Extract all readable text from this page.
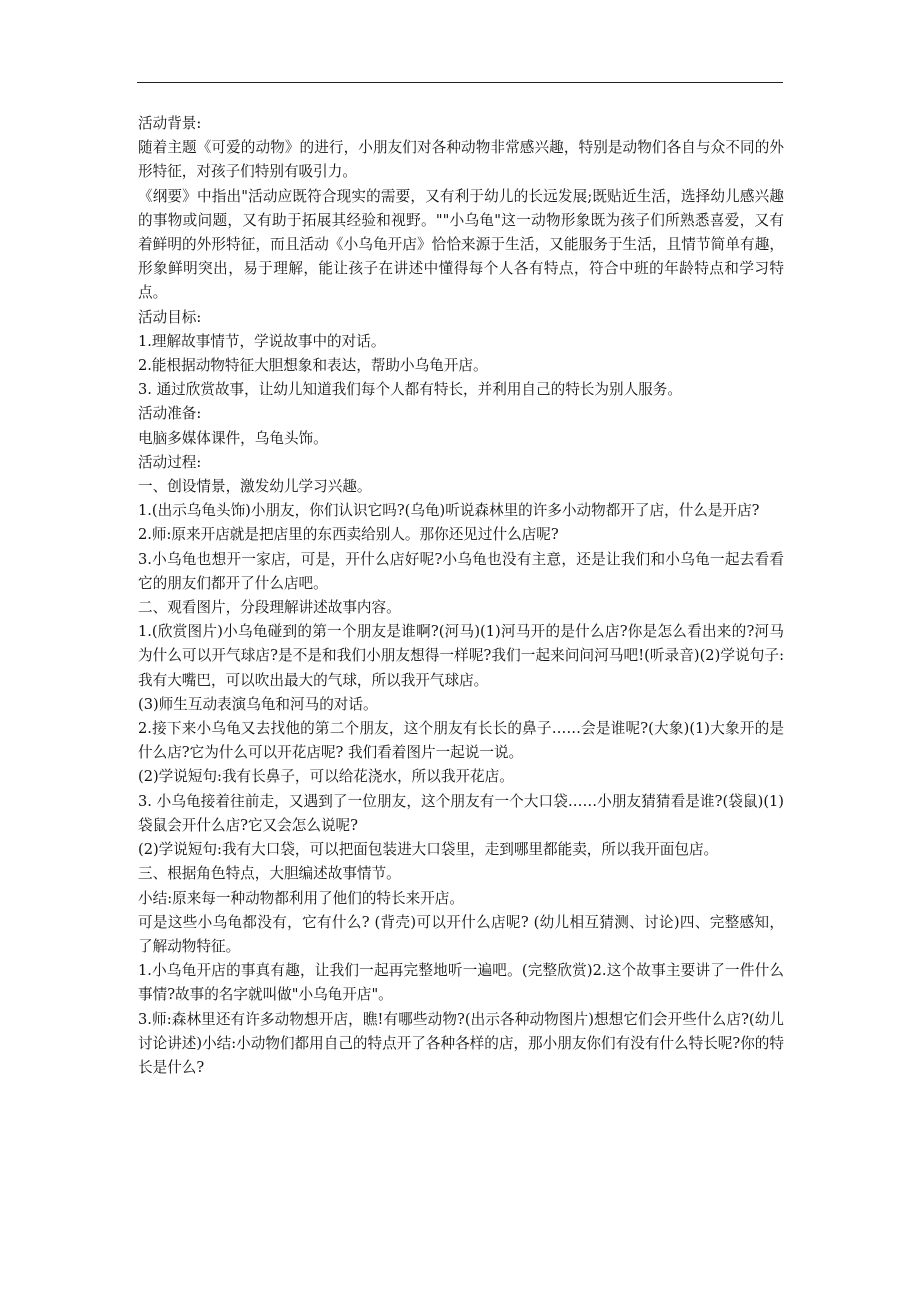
活动背景:

随着主题《可爱的动物》的进行，小朋友们对各种动物非常感兴趣，特别是动物们各自与众不同的外形特征，对孩子们特别有吸引力。

《纲要》中指出"活动应既符合现实的需要，又有利于幼儿的长远发展;既贴近生活，选择幼儿感兴趣的事物或问题，又有助于拓展其经验和视野。""小乌龟"这一动物形象既为孩子们所熟悉喜爱，又有着鲜明的外形特征，而且活动《小乌龟开店》恰恰来源于生活，又能服务于生活，且情节简单有趣，形象鲜明突出，易于理解，能让孩子在讲述中懂得每个人各有特点，符合中班的年龄特点和学习特点。

活动目标:

1.理解故事情节，学说故事中的对话。

2.能根据动物特征大胆想象和表达，帮助小乌龟开店。

3. 通过欣赏故事，让幼儿知道我们每个人都有特长，并利用自己的特长为别人服务。

活动准备:

电脑多媒体课件，乌龟头饰。

活动过程:

一、创设情景，激发幼儿学习兴趣。

1.(出示乌龟头饰)小朋友，你们认识它吗?(乌龟)听说森林里的许多小动物都开了店，什么是开店?

2.师:原来开店就是把店里的东西卖给别人。那你还见过什么店呢?

3.小乌龟也想开一家店，可是，开什么店好呢?小乌龟也没有主意，还是让我们和小乌龟一起去看看它的朋友们都开了什么店吧。

二、观看图片，分段理解讲述故事内容。

1.(欣赏图片)小乌龟碰到的第一个朋友是谁啊?(河马)(1)河马开的是什么店?你是怎么看出来的?河马为什么可以开气球店?是不是和我们小朋友想得一样呢?我们一起来问问河马吧!(听录音)(2)学说句子:我有大嘴巴，可以吹出最大的气球，所以我开气球店。

(3)师生互动表演乌龟和河马的对话。

2.接下来小乌龟又去找他的第二个朋友，这个朋友有长长的鼻子……会是谁呢?(大象)(1)大象开的是什么店?它为什么可以开花店呢? 我们看着图片一起说一说。

(2)学说短句:我有长鼻子，可以给花浇水，所以我开花店。

3. 小乌龟接着往前走，又遇到了一位朋友，这个朋友有一个大口袋……小朋友猜猜看是谁?(袋鼠)(1)袋鼠会开什么店?它又会怎么说呢?

(2)学说短句:我有大口袋，可以把面包装进大口袋里，走到哪里都能卖，所以我开面包店。

三、根据角色特点，大胆编述故事情节。

小结:原来每一种动物都利用了他们的特长来开店。

可是这些小乌龟都没有，它有什么? (背壳)可以开什么店呢? (幼儿相互猜测、讨论)四、完整感知，了解动物特征。

1.小乌龟开店的事真有趣，让我们一起再完整地听一遍吧。(完整欣赏)2.这个故事主要讲了一件什么事情?故事的名字就叫做"小乌龟开店"。

3.师:森林里还有许多动物想开店，瞧!有哪些动物?(出示各种动物图片)想想它们会开些什么店?(幼儿讨论讲述)小结:小动物们都用自己的特点开了各种各样的店，那小朋友你们有没有什么特长呢?你的特长是什么?
